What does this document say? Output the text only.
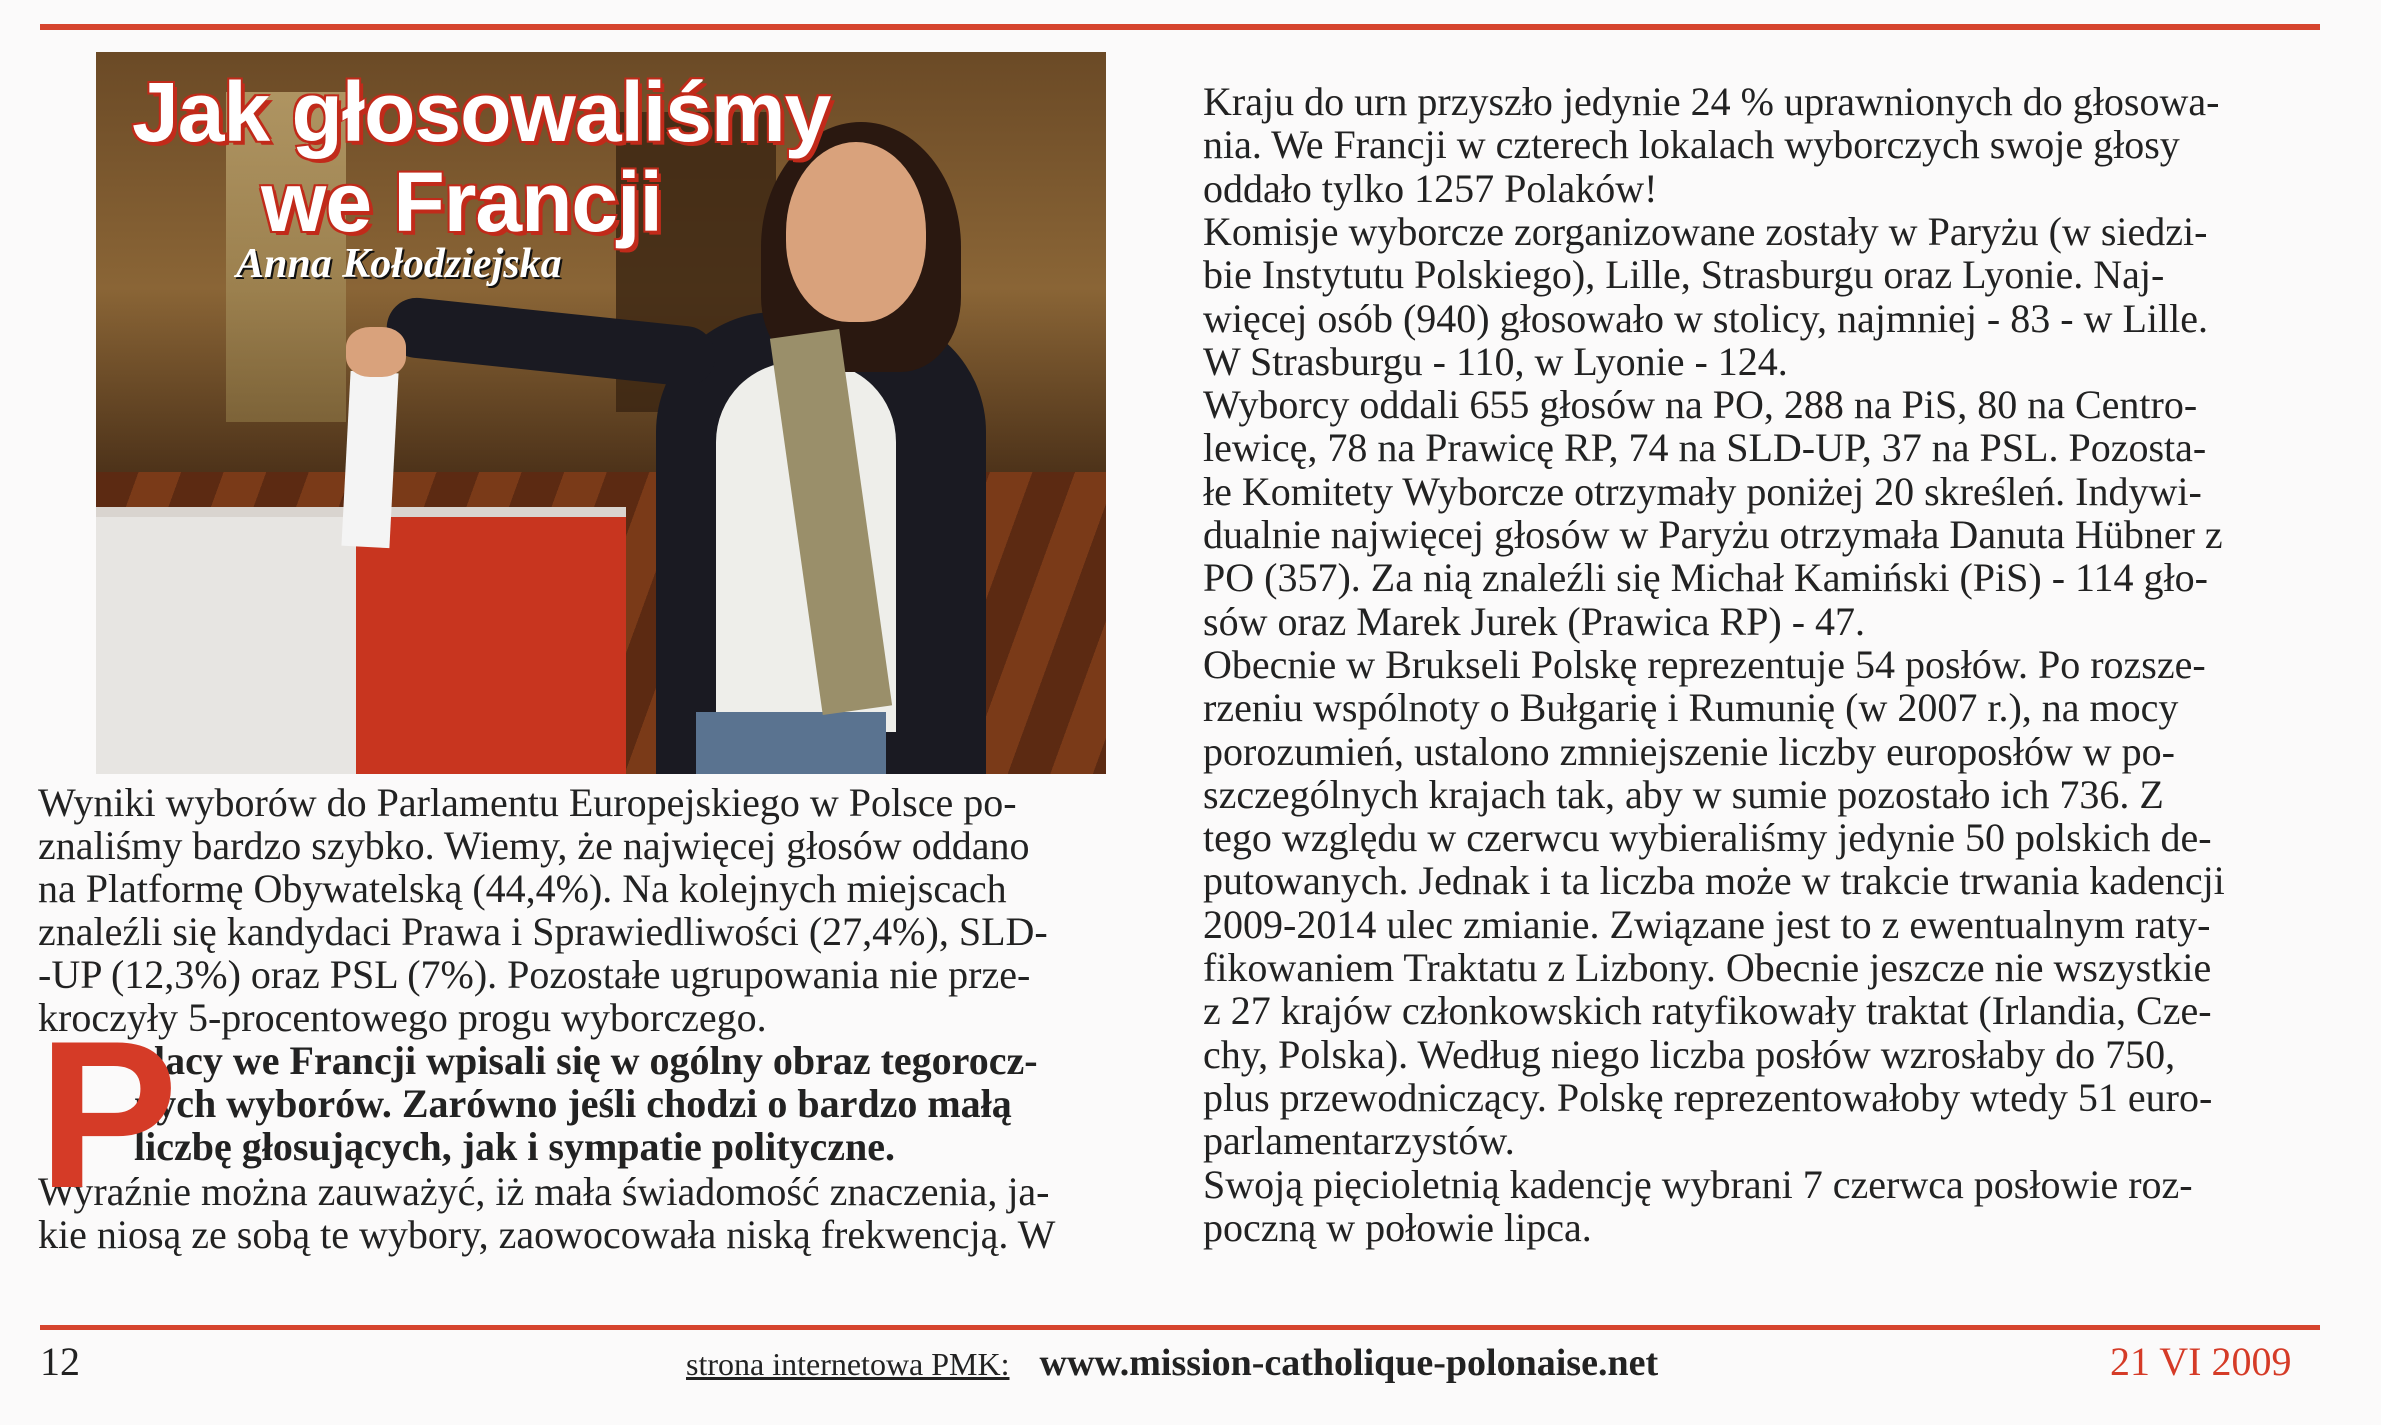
Jak głosowaliśmy
we Francji
Anna Kołodziejska
Wyniki wyborów do Parlamentu Europejskiego w Polsce po-
znaliśmy bardzo szybko. Wiemy, że najwięcej głosów oddano
na Platformę Obywatelską (44,4%). Na kolejnych miejscach
znaleźli się kandydaci Prawa i Sprawiedliwości (27,4%), SLD-
-UP (12,3%) oraz PSL (7%). Pozostałe ugrupowania nie prze-
kroczyły 5-procentowego progu wyborczego.
olacy we Francji wpisali się w ogólny obraz tegorocz-
nych wyborów. Zarówno jeśli chodzi o bardzo małą
liczbę głosujących, jak i sympatie polityczne.
Wyraźnie można zauważyć, iż mała świadomość znaczenia, ja-
kie niosą ze sobą te wybory, zaowocowała niską frekwencją. W
P
Kraju do urn przyszło jedynie 24 % uprawnionych do głosowa-
nia. We Francji w czterech lokalach wyborczych swoje głosy
oddało tylko 1257 Polaków!
Komisje wyborcze zorganizowane zostały w Paryżu (w siedzi-
bie Instytutu Polskiego), Lille, Strasburgu oraz Lyonie. Naj-
więcej osób (940) głosowało w stolicy, najmniej - 83 - w Lille.
W Strasburgu - 110, w Lyonie - 124.
Wyborcy oddali 655 głosów na PO, 288 na PiS, 80 na Centro-
lewicę, 78 na Prawicę RP, 74 na SLD-UP, 37 na PSL. Pozosta-
łe Komitety Wyborcze otrzymały poniżej 20 skreśleń. Indywi-
dualnie najwięcej głosów w Paryżu otrzymała Danuta Hübner z
PO (357). Za nią znaleźli się Michał Kamiński (PiS) - 114 gło-
sów oraz Marek Jurek (Prawica RP) - 47.
Obecnie w Brukseli Polskę reprezentuje 54 posłów. Po rozsze-
rzeniu wspólnoty o Bułgarię i Rumunię (w 2007 r.), na mocy
porozumień, ustalono zmniejszenie liczby europosłów w po-
szczególnych krajach tak, aby w sumie pozostało ich 736. Z
tego względu w czerwcu wybieraliśmy jedynie 50 polskich de-
putowanych. Jednak i ta liczba może w trakcie trwania kadencji
2009-2014 ulec zmianie. Związane jest to z ewentualnym raty-
fikowaniem Traktatu z Lizbony. Obecnie jeszcze nie wszystkie
z 27 krajów członkowskich ratyfikowały traktat (Irlandia, Cze-
chy, Polska). Według niego liczba posłów wzrosłaby do 750,
plus przewodniczący. Polskę reprezentowałoby wtedy 51 euro-
parlamentarzystów.
Swoją pięcioletnią kadencję wybrani 7 czerwca posłowie roz-
poczną w połowie lipca.
12	strona internetowa PMK: www.mission-catholique-polonaise.net	21 VI 2009
